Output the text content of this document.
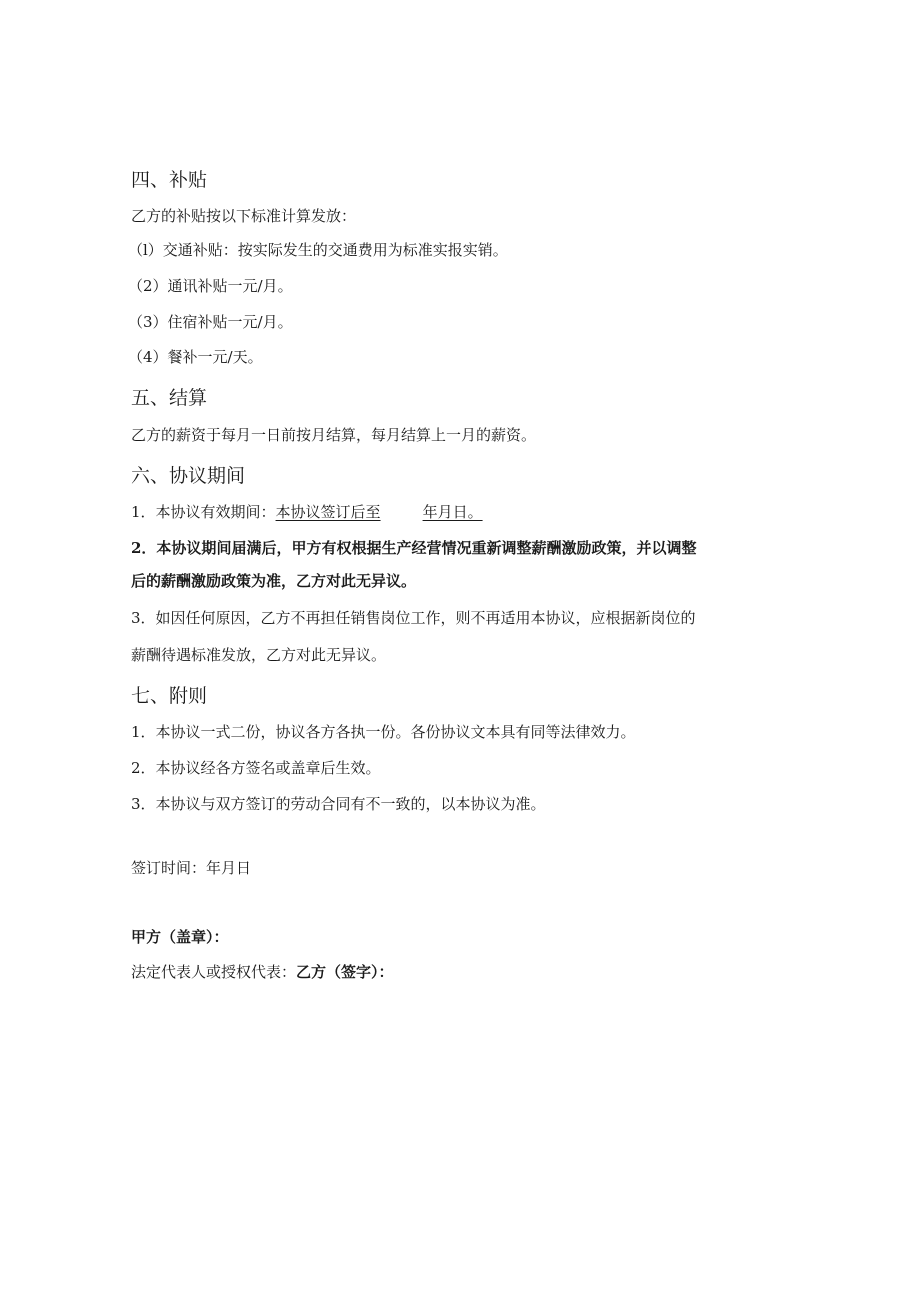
四、补贴
乙方的补贴按以下标准计算发放：
（l）交通补贴：按实际发生的交通费用为标准实报实销。
（2）通讯补贴一元/月。
（3）住宿补贴一元/月。
（4）餐补一元/天。
五、结算
乙方的薪资于每月一日前按月结算，每月结算上一月的薪资。
六、协议期间
1．本协议有效期间：本协议签订后至	年月日。
2．本协议期间届满后，甲方有权根据生产经营情况重新调整薪酬激励政策，并以调整
后的薪酬激励政策为准，乙方对此无异议。
3．如因任何原因，乙方不再担任销售岗位工作，则不再适用本协议，应根据新岗位的
薪酬待遇标准发放，乙方对此无异议。
七、附则
1．本协议一式二份，协议各方各执一份。各份协议文本具有同等法律效力。
2．本协议经各方签名或盖章后生效。
3．本协议与双方签订的劳动合同有不一致的，以本协议为准。
签订时间：年月日
甲方（盖章）：
法定代表人或授权代表：乙方（签字）：
